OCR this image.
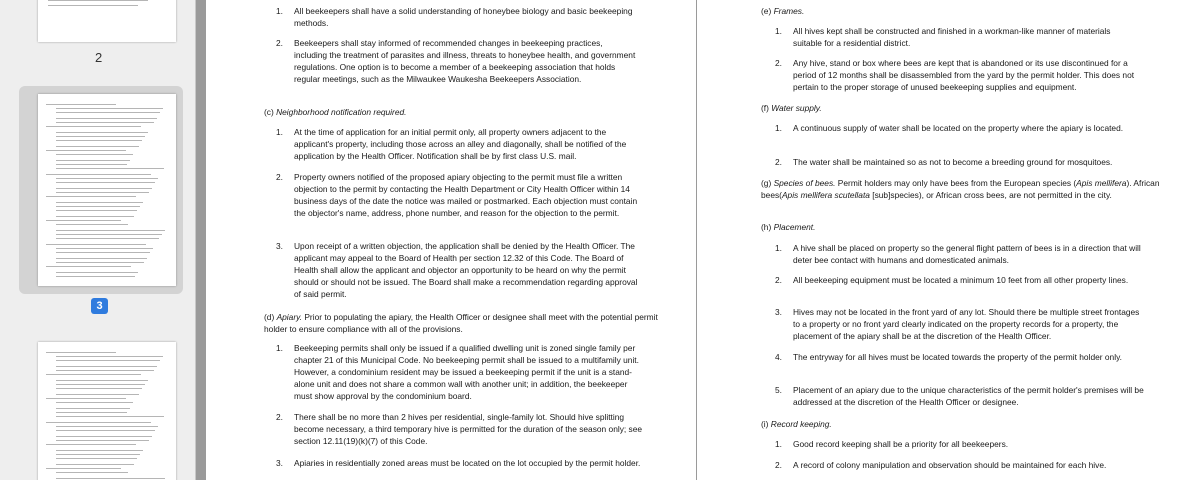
2
3
1.	All beekeepers shall have a solid understanding of honeybee biology and basic beekeeping methods.
2.	Beekeepers shall stay informed of recommended changes in beekeeping practices, including the treatment of parasites and illness, threats to honeybee health, and government regulations. One option is to become a member of a beekeeping association that holds regular meetings, such as the Milwaukee Waukesha Beekeepers Association.
(c) Neighborhood notification required.
1.	At the time of application for an initial permit only, all property owners adjacent to the applicant's property, including those across an alley and diagonally, shall be notified of the application by the Health Officer. Notification shall be by first class U.S. mail.
2.	Property owners notified of the proposed apiary objecting to the permit must file a written objection to the permit by contacting the Health Department or City Health Officer within 14 business days of the date the notice was mailed or postmarked. Each objection must contain the objector's name, address, phone number, and reason for the objection to the permit.
3.	Upon receipt of a written objection, the application shall be denied by the Health Officer. The applicant may appeal to the Board of Health per section 12.32 of this Code. The Board of Health shall allow the applicant and objector an opportunity to be heard on why the permit should or should not be issued. The Board shall make a recommendation regarding approval of said permit.
(d) Apiary. Prior to populating the apiary, the Health Officer or designee shall meet with the potential permit holder to ensure compliance with all of the provisions.
1.	Beekeeping permits shall only be issued if a qualified dwelling unit is zoned single family per chapter 21 of this Municipal Code. No beekeeping permit shall be issued to a multifamily unit. However, a condominium resident may be issued a beekeeping permit if the unit is a stand-alone unit and does not share a common wall with another unit; in addition, the beekeeper must show approval by the condominium board.
2.	There shall be no more than 2 hives per residential, single-family lot. Should hive splitting become necessary, a third temporary hive is permitted for the duration of the season only; see section 12.11(19)(k)(7) of this Code.
3.	Apiaries in residentially zoned areas must be located on the lot occupied by the permit holder.
(e) Frames.
1.	All hives kept shall be constructed and finished in a workman-like manner of materials suitable for a residential district.
2.	Any hive, stand or box where bees are kept that is abandoned or its use discontinued for a period of 12 months shall be disassembled from the yard by the permit holder. This does not pertain to the proper storage of unused beekeeping supplies and equipment.
(f) Water supply.
1.	A continuous supply of water shall be located on the property where the apiary is located.
2.	The water shall be maintained so as not to become a breeding ground for mosquitoes.
(g) Species of bees. Permit holders may only have bees from the European species (Apis mellifera). African bees(Apis mellifera scutellata [sub]species), or African cross bees, are not permitted in the city.
(h) Placement.
1.	A hive shall be placed on property so the general flight pattern of bees is in a direction that will deter bee contact with humans and domesticated animals.
2.	All beekeeping equipment must be located a minimum 10 feet from all other property lines.
3.	Hives may not be located in the front yard of any lot. Should there be multiple street frontages to a property or no front yard clearly indicated on the property records for a property, the placement of the apiary shall be at the discretion of the Health Officer.
4.	The entryway for all hives must be located towards the property of the permit holder only.
5.	Placement of an apiary due to the unique characteristics of the permit holder's premises will be addressed at the discretion of the Health Officer or designee.
(i) Record keeping.
1.	Good record keeping shall be a priority for all beekeepers.
2.	A record of colony manipulation and observation should be maintained for each hive.
